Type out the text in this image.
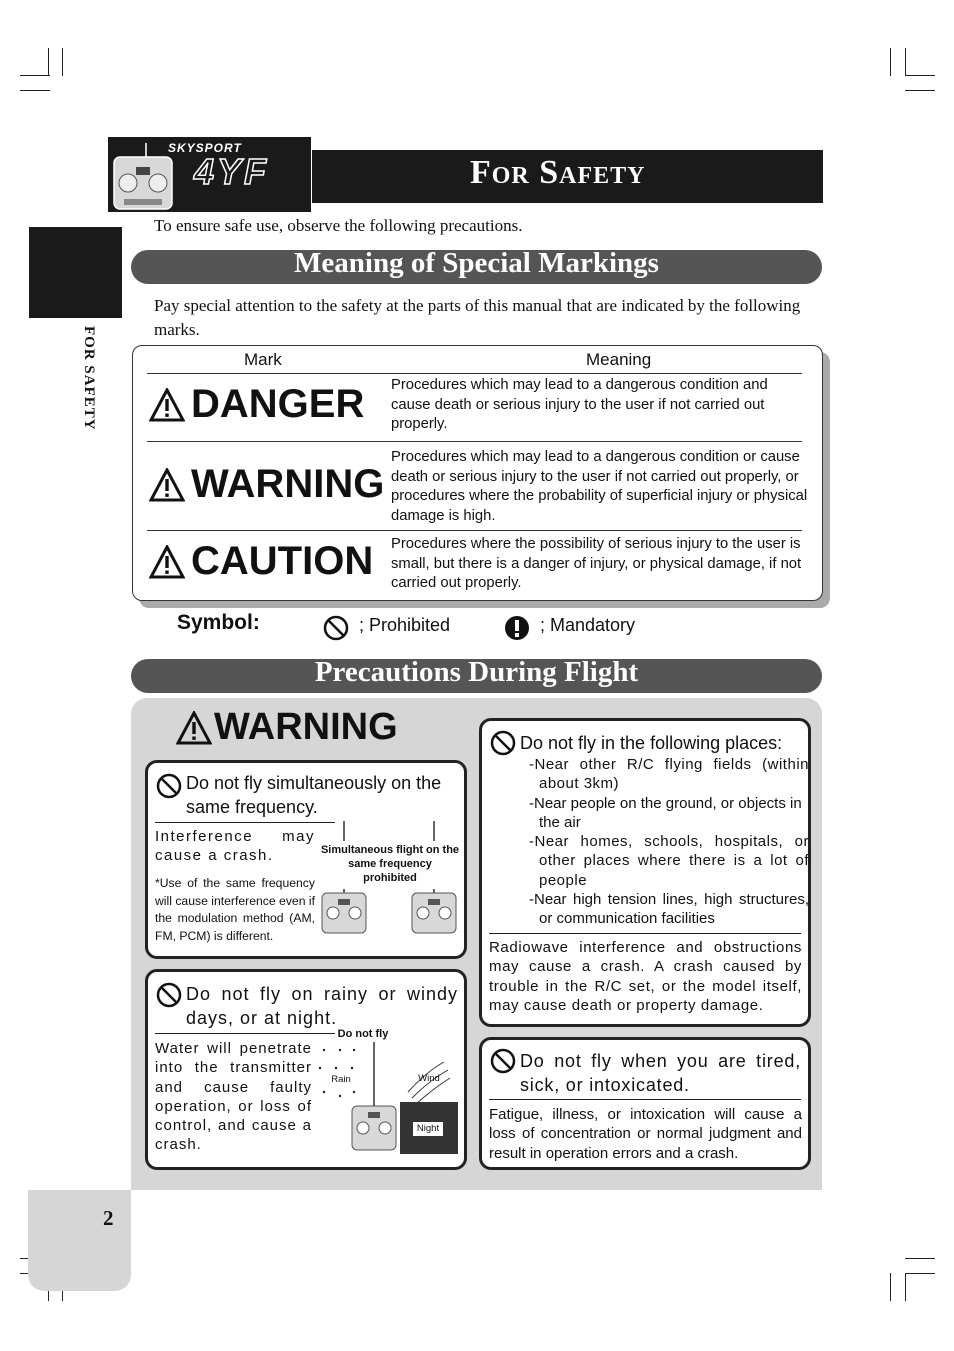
SKYSPORT
4YF	For Safety
FOR SAFETY
To ensure safe use, observe the following precautions.
Meaning of Special Markings
Pay special attention to the safety at the parts of this manual that are indicated by the following marks.
Mark	Meaning
DANGER Procedures which may lead to a dangerous condition and cause death or serious injury to the user if not carried out properly.
WARNING
Procedures which may lead to a dangerous condition or cause death or serious injury to the user if not carried out properly, or procedures where the probability of superficial injury or physical damage is high.
CAUTION Procedures where the possibility of serious injury to the user is small, but there is a danger of injury, or physical damage, if not carried out properly.
Symbol:	; Prohibited	; Mandatory
Precautions During Flight
WARNING
Do not fly simultaneously on the same frequency.
Interference may cause a crash.
*Use of the same frequency will cause interference even if the modulation method (AM, FM, PCM) is different.
Simultaneous flight on the same frequency prohibited
Do not fly on rainy or windy days, or at night.
Water will penetrate into the transmitter and cause faulty operation, or loss of control, and cause a crash.
Do not fly
Rain	Wind
Night
Do not fly in the following places:
-Near other R/C flying fields (within about 3km)
-Near people on the ground, or objects in the air
-Near homes, schools, hospitals, or other places where there is a lot of people
-Near high tension lines, high structures, or communication facilities
Radiowave interference and obstructions may cause a crash. A crash caused by trouble in the R/C set, or the model itself, may cause death or property damage.
Do not fly when you are tired, sick, or intoxicated.
Fatigue, illness, or intoxication will cause a loss of concentration or normal judgment and result in operation errors and a crash.
2
